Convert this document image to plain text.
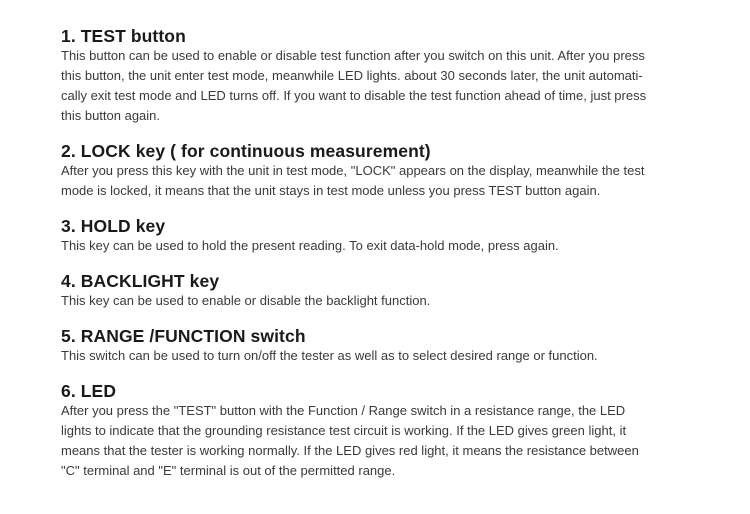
1. TEST button

This button can be used to enable or disable test function after you switch on this unit. After you press
this button, the unit enter test mode, meanwhile LED lights. about 30 seconds later, the unit automati-
cally exit test mode and LED turns off. If you want to disable the test function ahead of time, just press
this button again.

2. LOCK key ( for continuous measurement)

After you press this key with the unit in test mode, "LOCK" appears on the display, meanwhile the test
mode is locked, it means that the unit stays in test mode unless you press TEST button again.

3. HOLD key

This key can be used to hold the present reading. To exit data-hold mode, press again.

4. BACKLIGHT key

This key can be used to enable or disable the backlight function.

5. RANGE /FUNCTION switch

This switch can be used to turn on/off the tester as well as to select desired range or function.

6. LED

After you press the "TEST" button with the Function / Range switch in a resistance range, the LED
lights to indicate that the grounding resistance test circuit is working. If the LED gives green light, it
means that the tester is working normally. If the LED gives red light, it means the resistance between
"C" terminal and "E" terminal is out of the permitted range.
